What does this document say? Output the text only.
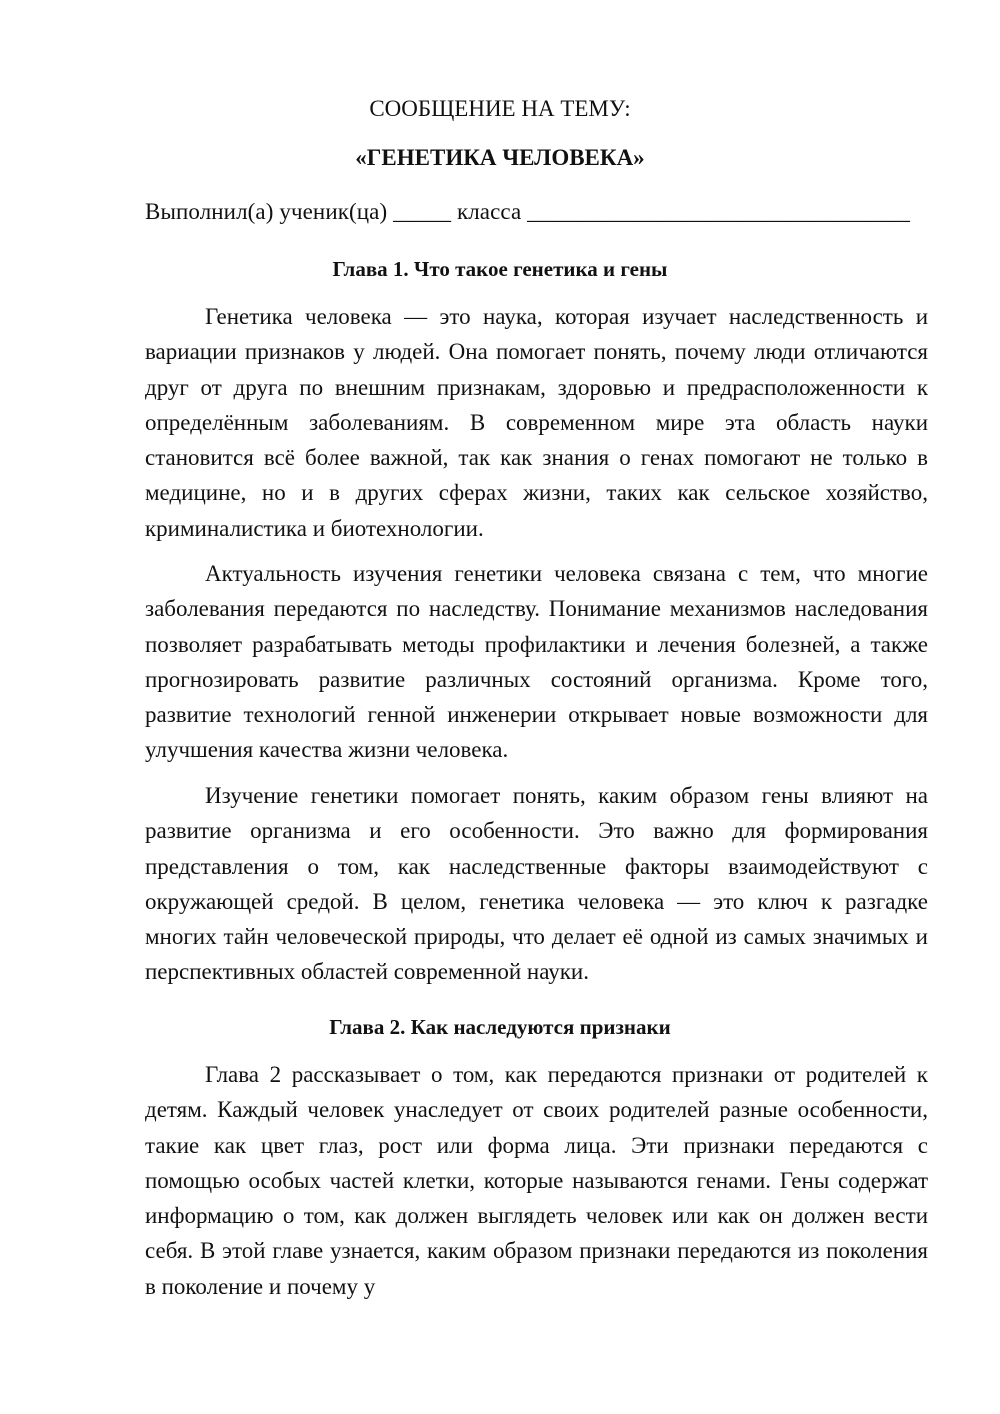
СООБЩЕНИЕ НА ТЕМУ:
«ГЕНЕТИКА ЧЕЛОВЕКА»
Выполнил(а) ученик(ца) _____ класса _________________________________
Глава 1. Что такое генетика и гены

Генетика человека — это наука, которая изучает наследственность и вариации признаков у людей. Она помогает понять, почему люди отличаются друг от друга по внешним признакам, здоровью и предрасположенности к определённым заболеваниям. В современном мире эта область науки становится всё более важной, так как знания о генах помогают не только в медицине, но и в других сферах жизни, таких как сельское хозяйство, криминалистика и биотехнологии.

Актуальность изучения генетики человека связана с тем, что многие заболевания передаются по наследству. Понимание механизмов наследования позволяет разрабатывать методы профилактики и лечения болезней, а также прогнозировать развитие различных состояний организма. Кроме того, развитие технологий генной инженерии открывает новые возможности для улучшения качества жизни человека.

Изучение генетики помогает понять, каким образом гены влияют на развитие организма и его особенности. Это важно для формирования представления о том, как наследственные факторы взаимодействуют с окружающей средой. В целом, генетика человека — это ключ к разгадке многих тайн человеческой природы, что делает её одной из самых значимых и перспективных областей современной науки.

Глава 2. Как наследуются признаки

Глава 2 рассказывает о том, как передаются признаки от родителей к детям. Каждый человек унаследует от своих родителей разные особенности, такие как цвет глаз, рост или форма лица. Эти признаки передаются с помощью особых частей клетки, которые называются генами. Гены содержат информацию о том, как должен выглядеть человек или как он должен вести себя. В этой главе узнается, каким образом признаки передаются из поколения в поколение и почему у
